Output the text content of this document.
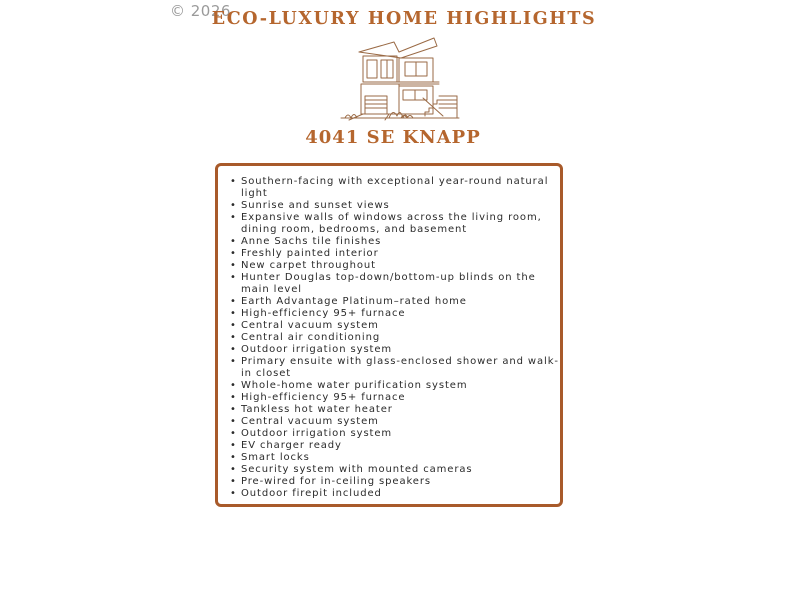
© 2026
ECO-LUXURY HOME HIGHLIGHTS
4041 SE KNAPP
• Southern-facing with exceptional year-round natural light
• Sunrise and sunset views
• Expansive walls of windows across the living room, dining room, bedrooms, and basement
• Anne Sachs tile finishes
• Freshly painted interior
• New carpet throughout
• Hunter Douglas top-down/bottom-up blinds on the main level
• Earth Advantage Platinum–rated home
• High-efficiency 95+ furnace
• Central vacuum system
• Central air conditioning
• Outdoor irrigation system
• Primary ensuite with glass-enclosed shower and walk-in closet
• Whole-home water purification system
• High-efficiency 95+ furnace
• Tankless hot water heater
• Central vacuum system
• Outdoor irrigation system
• EV charger ready
• Smart locks
• Security system with mounted cameras
• Pre-wired for in-ceiling speakers
• Outdoor firepit included
